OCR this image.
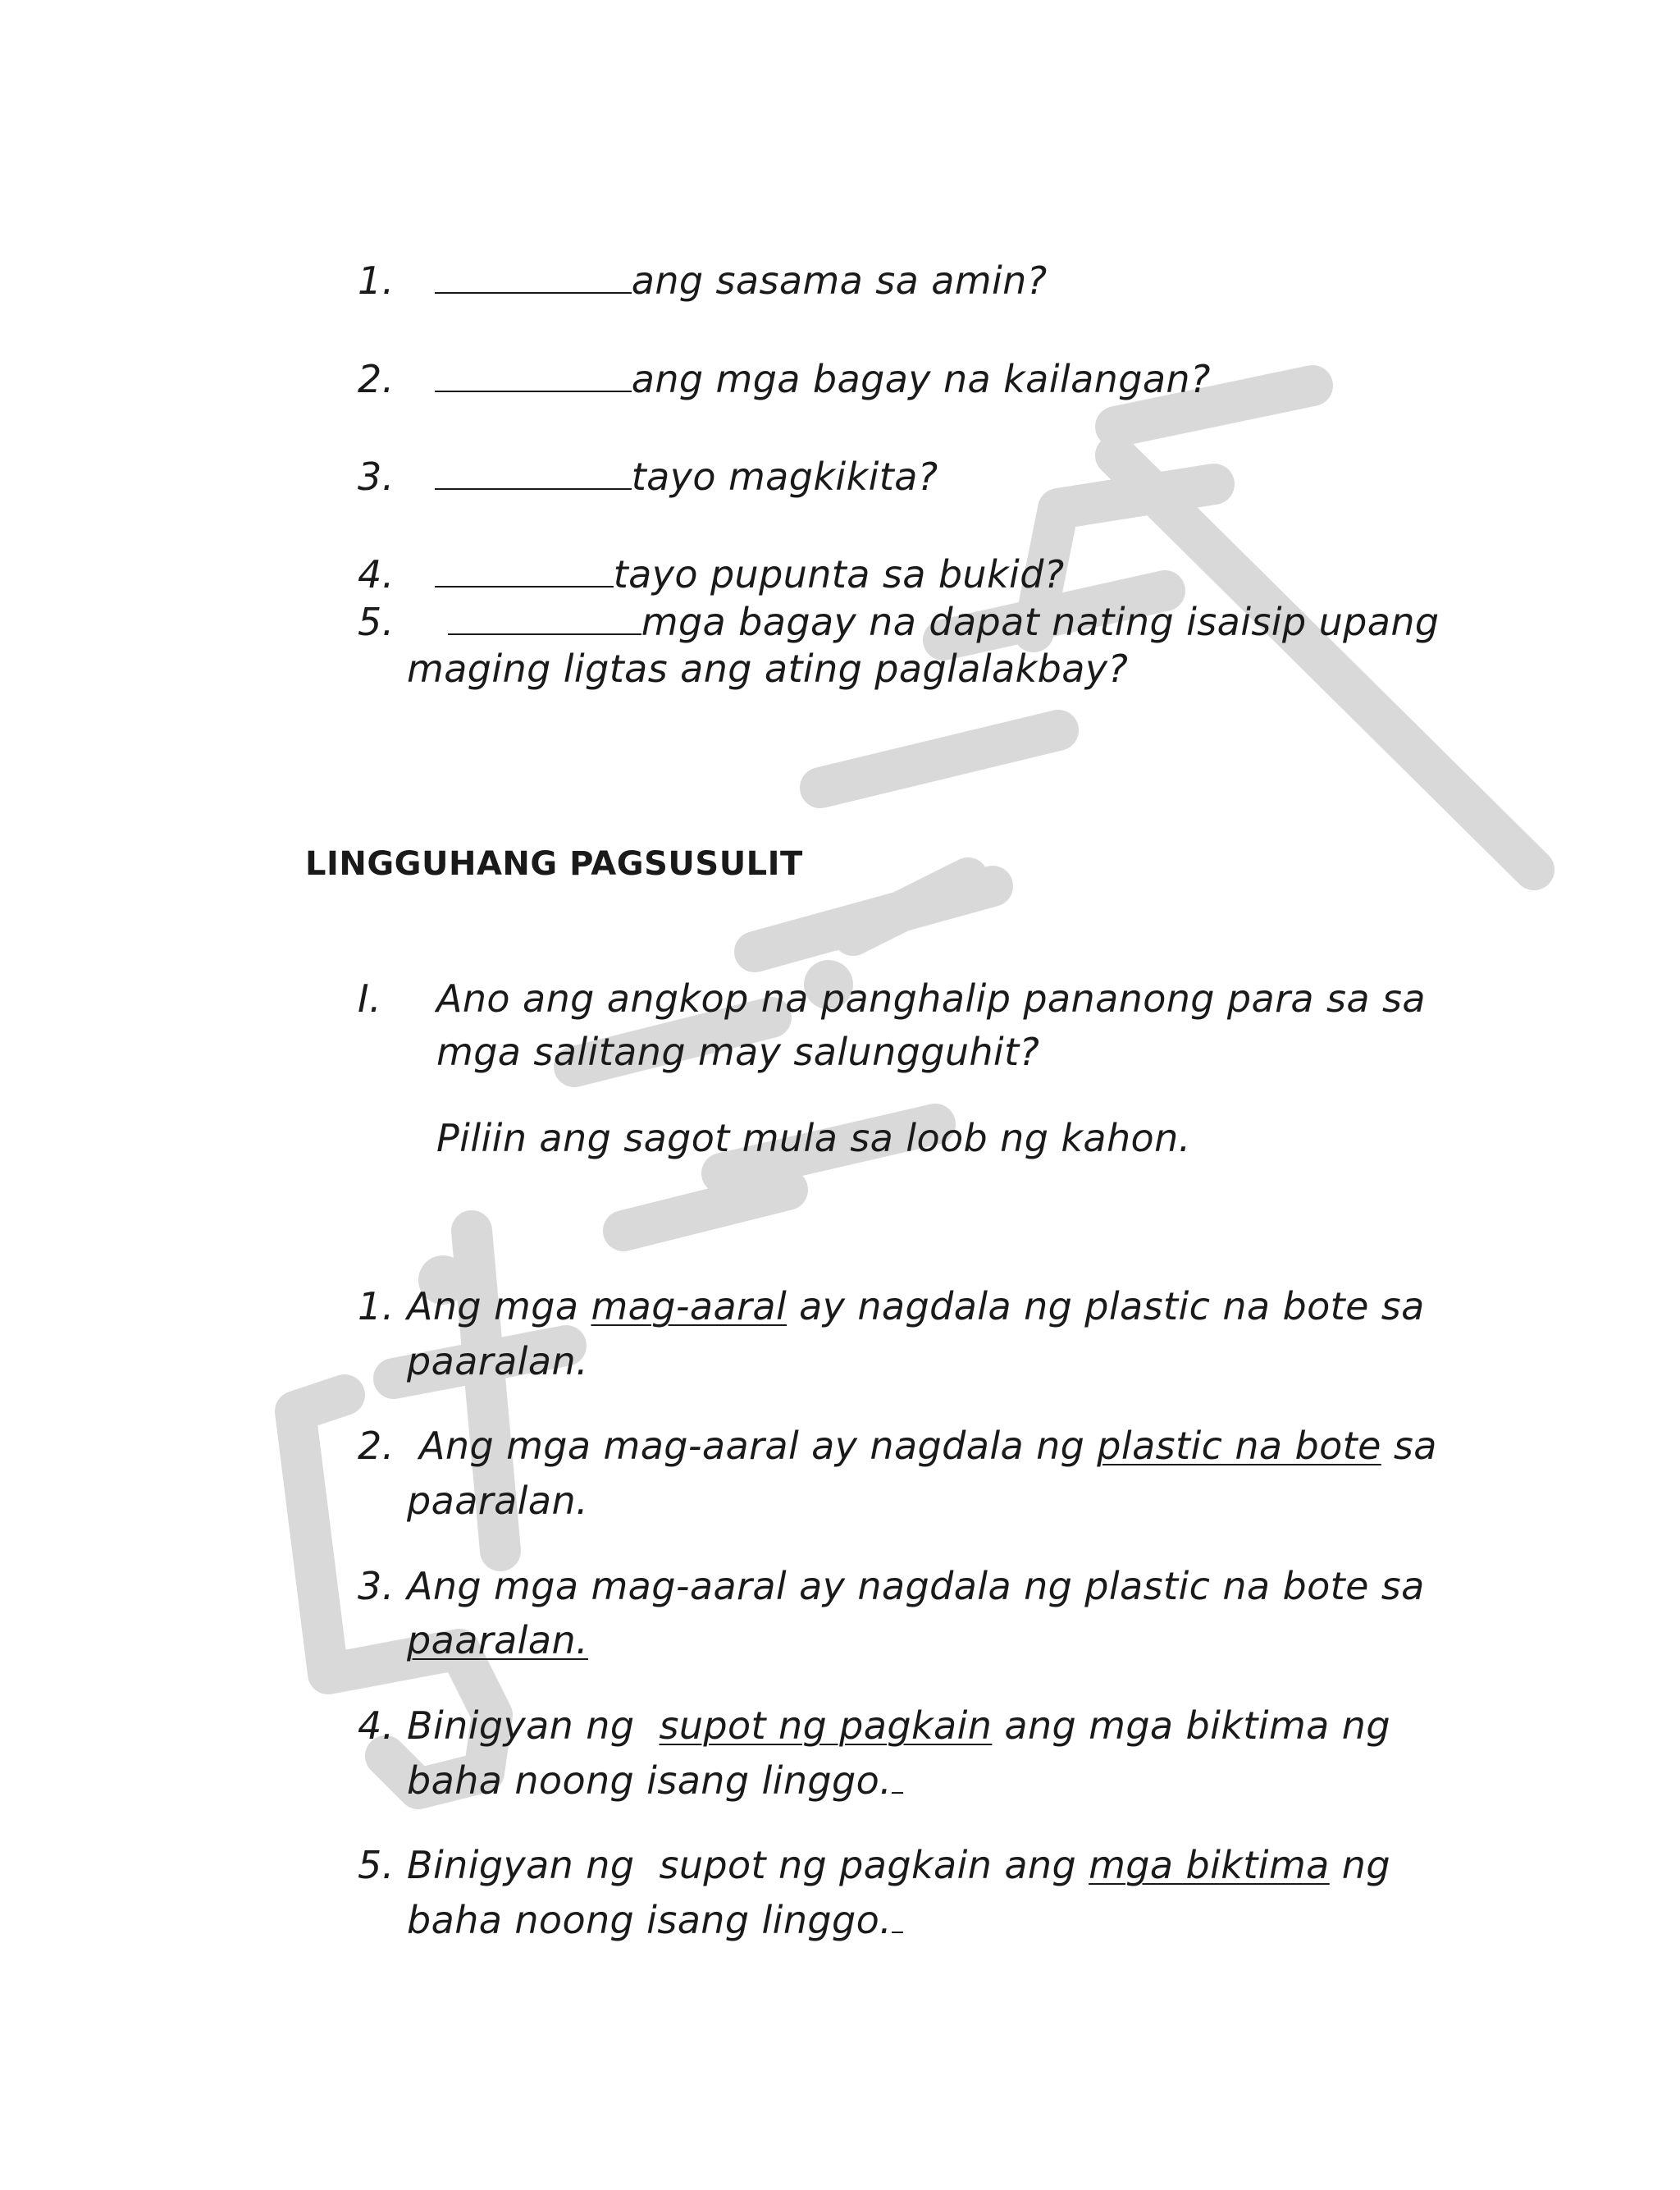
1.	ang sasama sa amin?
2.	ang mga bagay na kailangan?
3.	tayo magkikita?
4.	tayo pupunta sa bukid?
5.	mga bagay na dapat nating isaisip upang
maging ligtas ang ating paglalakbay?
LINGGUHANG PAGSUSULIT
I. Ano ang angkop na panghalip pananong para sa sa
mga salitang may salungguhit?
Piliin ang sagot mula sa loob ng kahon.
1. Ang mga mag-aaral ay nagdala ng plastic na bote sa
paaralan.
2. Ang mga mag-aaral ay nagdala ng plastic na bote sa
paaralan.
3. Ang mga mag-aaral ay nagdala ng plastic na bote sa
paaralan.
4. Binigyan ng  supot ng pagkain ang mga biktima ng
baha noong isang linggo.
5. Binigyan ng  supot ng pagkain ang mga biktima ng
baha noong isang linggo.
